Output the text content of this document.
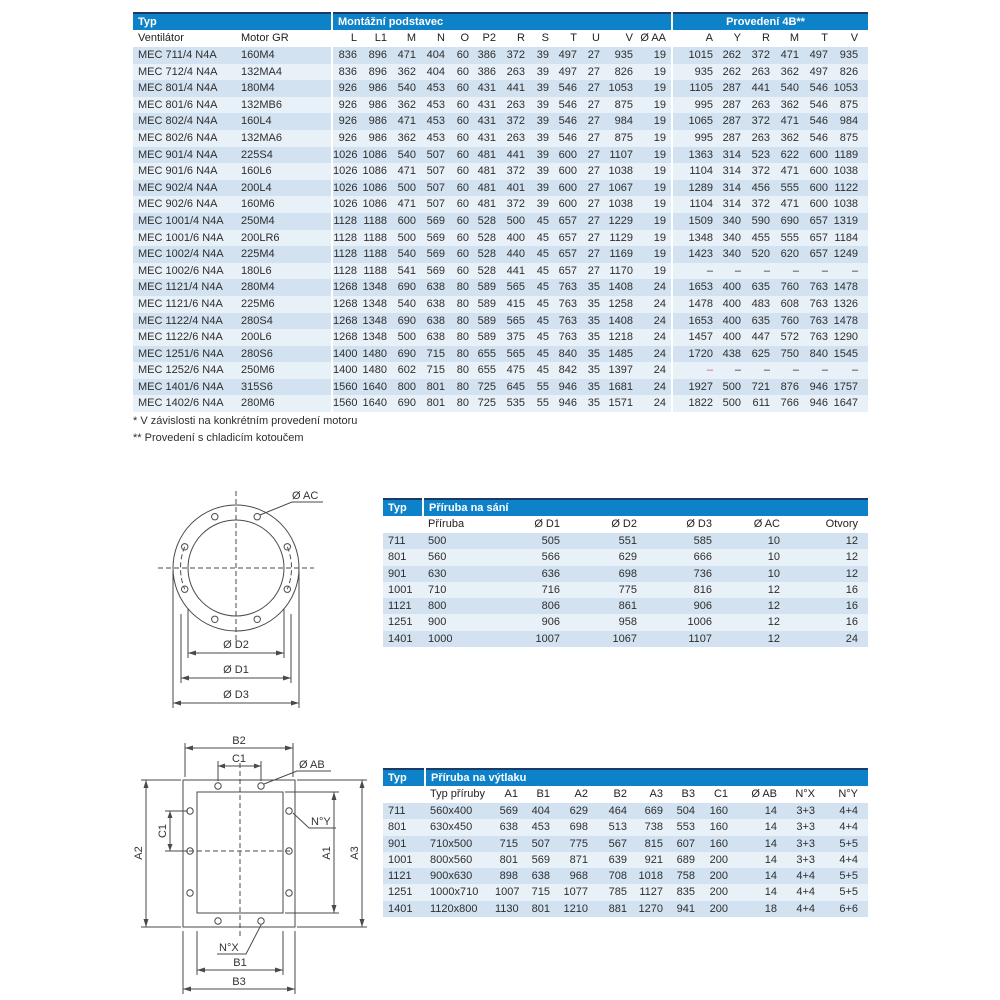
Typ		Montážní podstavec												Provedení 4B**					
Ventilátor	Motor GR	L	L1	M	N	O	P2	R	S	T	U	V	Ø AA	A	Y	R	M	T	V
MEC 711/4 N4A	160M4	836	896	471	404	60	386	372	39	497	27	935	19	1015	262	372	471	497	935
MEC 712/4 N4A	132MA4	836	896	362	404	60	386	263	39	497	27	826	19	935	262	263	362	497	826
MEC 801/4 N4A	180M4	926	986	540	453	60	431	441	39	546	27	1053	19	1105	287	441	540	546	1053
MEC 801/6 N4A	132MB6	926	986	362	453	60	431	263	39	546	27	875	19	995	287	263	362	546	875
MEC 802/4 N4A	160L4	926	986	471	453	60	431	372	39	546	27	984	19	1065	287	372	471	546	984
MEC 802/6 N4A	132MA6	926	986	362	453	60	431	263	39	546	27	875	19	995	287	263	362	546	875
MEC 901/4 N4A	225S4	1026	1086	540	507	60	481	441	39	600	27	1107	19	1363	314	523	622	600	1189
MEC 901/6 N4A	160L6	1026	1086	471	507	60	481	372	39	600	27	1038	19	1104	314	372	471	600	1038
MEC 902/4 N4A	200L4	1026	1086	500	507	60	481	401	39	600	27	1067	19	1289	314	456	555	600	1122
MEC 902/6 N4A	160M6	1026	1086	471	507	60	481	372	39	600	27	1038	19	1104	314	372	471	600	1038
MEC 1001/4 N4A	250M4	1128	1188	600	569	60	528	500	45	657	27	1229	19	1509	340	590	690	657	1319
MEC 1001/6 N4A	200LR6	1128	1188	500	569	60	528	400	45	657	27	1129	19	1348	340	455	555	657	1184
MEC 1002/4 N4A	225M4	1128	1188	540	569	60	528	440	45	657	27	1169	19	1423	340	520	620	657	1249
MEC 1002/6 N4A	180L6	1128	1188	541	569	60	528	441	45	657	27	1170	19	–	–	–	–	–	–
MEC 1121/4 N4A	280M4	1268	1348	690	638	80	589	565	45	763	35	1408	24	1653	400	635	760	763	1478
MEC 1121/6 N4A	225M6	1268	1348	540	638	80	589	415	45	763	35	1258	24	1478	400	483	608	763	1326
MEC 1122/4 N4A	280S4	1268	1348	690	638	80	589	565	45	763	35	1408	24	1653	400	635	760	763	1478
MEC 1122/6 N4A	200L6	1268	1348	500	638	80	589	375	45	763	35	1218	24	1457	400	447	572	763	1290
MEC 1251/6 N4A	280S6	1400	1480	690	715	80	655	565	45	840	35	1485	24	1720	438	625	750	840	1545
MEC 1252/6 N4A	250M6	1400	1480	602	715	80	655	475	45	842	35	1397	24	–	–	–	–	–	–
MEC 1401/6 N4A	315S6	1560	1640	800	801	80	725	645	55	946	35	1681	24	1927	500	721	876	946	1757
MEC 1402/6 N4A	280M6	1560	1640	690	801	80	725	535	55	946	35	1571	24	1822	500	611	766	946	1647
* V závislosti na konkrétním provedení motoru
** Provedení s chladicím kotoučem
Ø AC
Ø D2
Ø D1
Ø D3
Typ	Příruba na sání					
	Příruba	Ø D1	Ø D2	Ø D3	Ø AC	Otvory
711	500	505	551	585	10	12
801	560	566	629	666	10	12
901	630	636	698	736	10	12
1001	710	716	775	816	12	16
1121	800	806	861	906	12	16
1251	900	906	958	1006	12	16
1401	1000	1007	1067	1107	12	24
B2
C1	Ø AB
N°Y
A2
C1
A1 A3
N°X
B1
B3
Typ	Příruba na výtlaku										
	Typ příruby	A1	B1	A2	B2	A3	B3	C1	Ø AB	N°X	N°Y
711	560x400	569	404	629	464	669	504	160	14	3+3	4+4
801	630x450	638	453	698	513	738	553	160	14	3+3	4+4
901	710x500	715	507	775	567	815	607	160	14	3+3	5+5
1001	800x560	801	569	871	639	921	689	200	14	3+3	4+4
1121	900x630	898	638	968	708	1018	758	200	14	4+4	5+5
1251	1000x710	1007	715	1077	785	1127	835	200	14	4+4	5+5
1401	1120x800	1130	801	1210	881	1270	941	200	18	4+4	6+6
